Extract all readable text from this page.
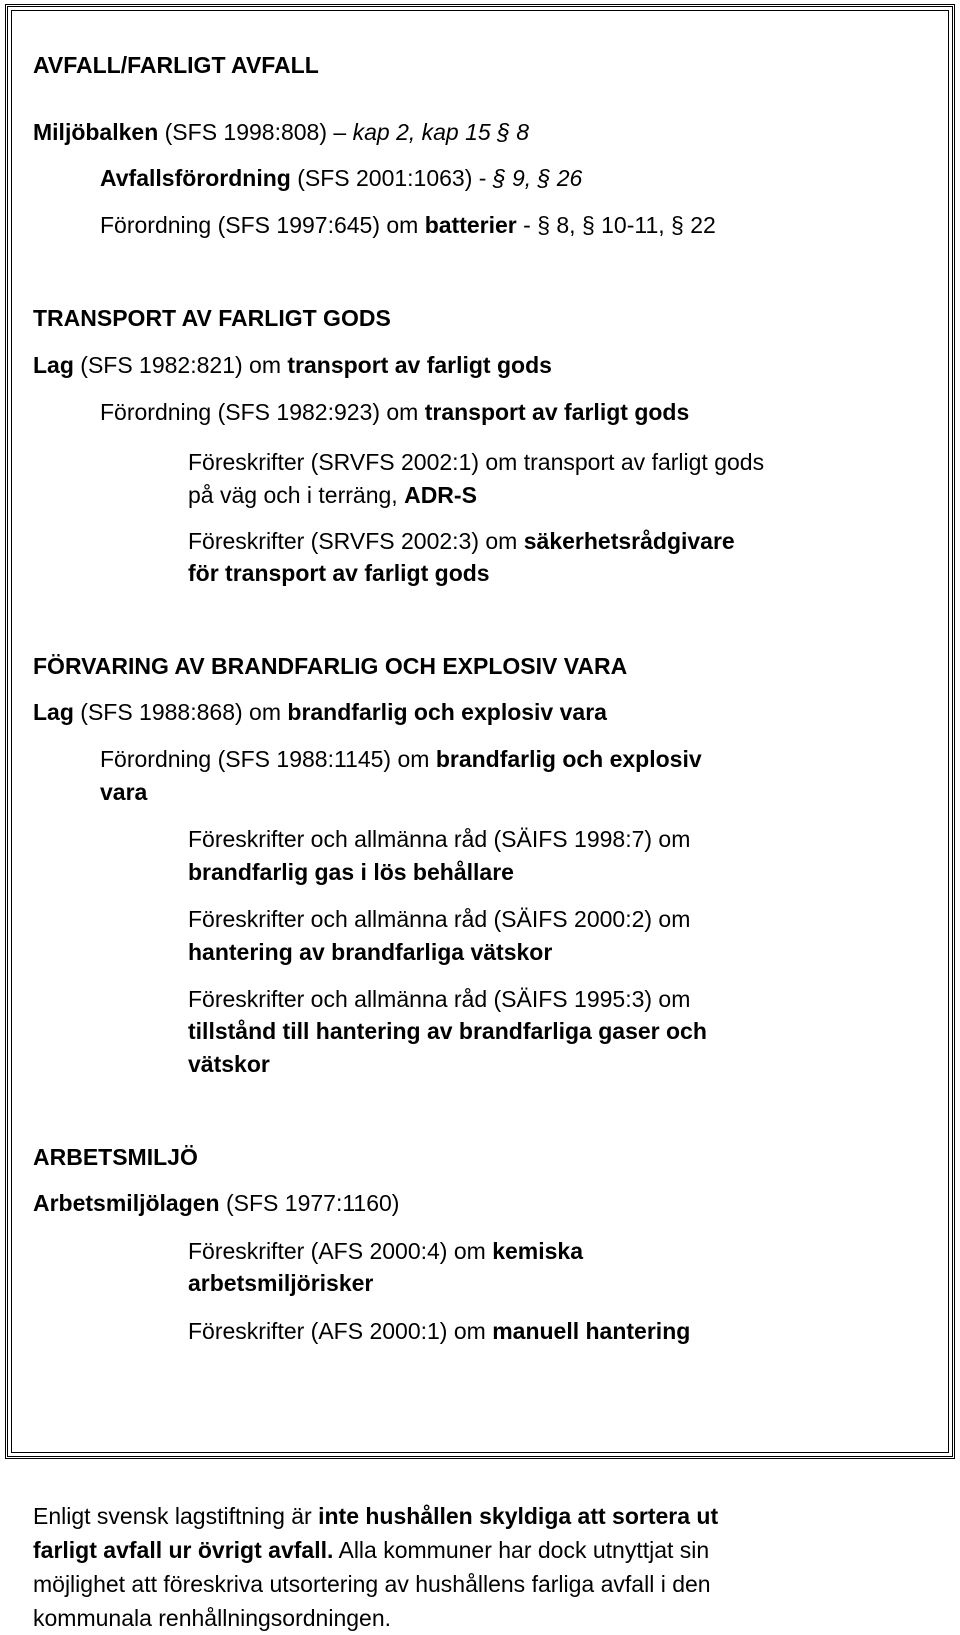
AVFALL/FARLIGT AVFALL
Miljöbalken (SFS 1998:808) – kap 2, kap 15 § 8
Avfallsförordning (SFS 2001:1063) - § 9, § 26
Förordning (SFS 1997:645) om batterier - § 8, § 10-11, § 22
TRANSPORT AV FARLIGT GODS
Lag (SFS 1982:821) om transport av farligt gods
Förordning (SFS 1982:923) om transport av farligt gods
Föreskrifter (SRVFS 2002:1) om transport av farligt gods
på väg och i terräng, ADR-S
Föreskrifter (SRVFS 2002:3) om säkerhetsrådgivare
för transport av farligt gods
FÖRVARING AV BRANDFARLIG OCH EXPLOSIV VARA
Lag (SFS 1988:868) om brandfarlig och explosiv vara
Förordning (SFS 1988:1145) om brandfarlig och explosiv
vara
Föreskrifter och allmänna råd (SÄIFS 1998:7) om
brandfarlig gas i lös behållare
Föreskrifter och allmänna råd (SÄIFS 2000:2) om
hantering av brandfarliga vätskor
Föreskrifter och allmänna råd (SÄIFS 1995:3) om
tillstånd till hantering av brandfarliga gaser och
vätskor
ARBETSMILJÖ
Arbetsmiljölagen (SFS 1977:1160)
Föreskrifter (AFS 2000:4) om kemiska
arbetsmiljörisker
Föreskrifter (AFS 2000:1) om manuell hantering
Enligt svensk lagstiftning är inte hushållen skyldiga att sortera ut
farligt avfall ur övrigt avfall. Alla kommuner har dock utnyttjat sin
möjlighet att föreskriva utsortering av hushållens farliga avfall i den
kommunala renhållningsordningen.
